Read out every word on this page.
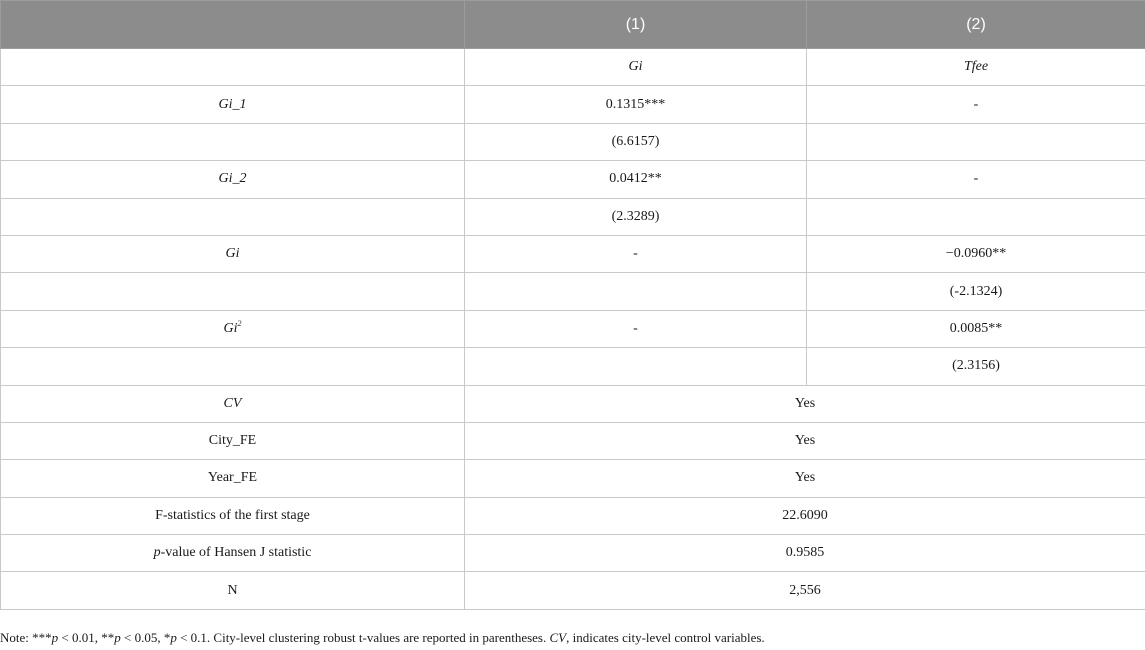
	(1)	(2)
	Gi	Tfee
Gi_1	0.1315***	-
	(6.6157)	
Gi_2	0.0412**	-
	(2.3289)	
Gi	-	−0.0960**
		(-2.1324)
Gi$^2$	-	0.0085**
		(2.3156)
CV	Yes	
City_FE	Yes	
Year_FE	Yes	
F-statistics of the first stage	22.6090	
p-value of Hansen J statistic	0.9585	
N	2,556	
Note: ***p < 0.01, **p < 0.05, *p < 0.1. City-level clustering robust t-values are reported in parentheses. CV, indicates city-level control variables.
